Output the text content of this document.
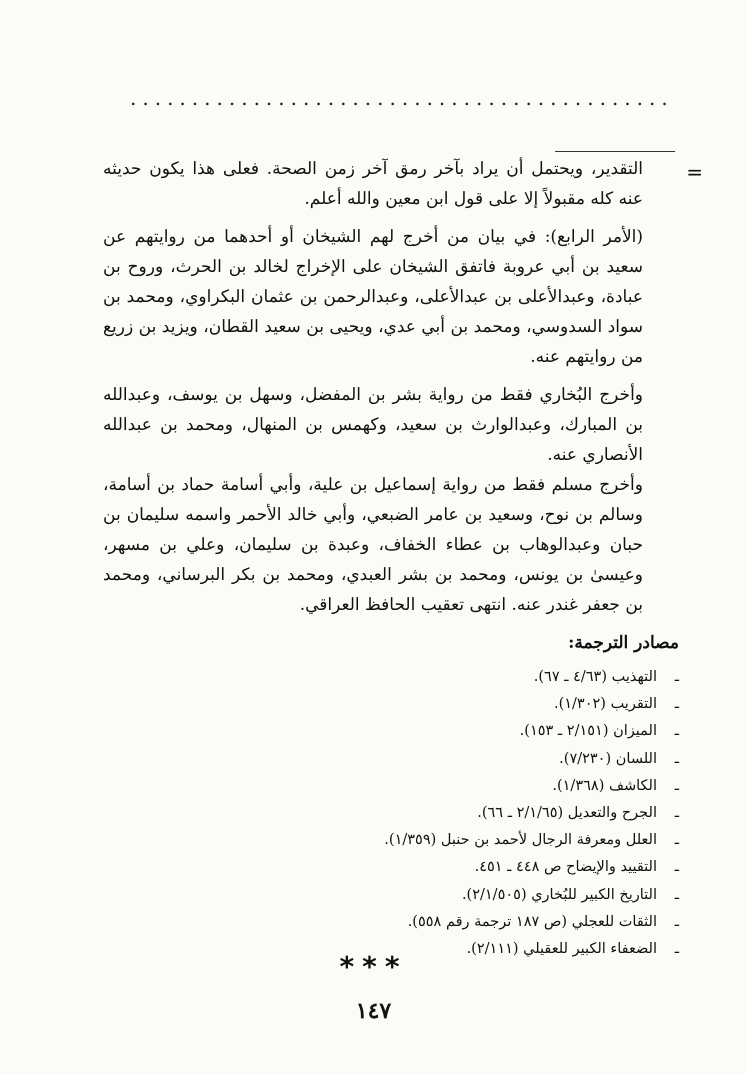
............................................
=

التقدير، ويحتمل أن يراد بآخر رمق آخر زمن الصحة. فعلى هذا يكون حديثه عنه كله مقبولاً إلا على قول ابن معين والله أعلم.

(الأمر الرابع): في بيان من أخرج لهم الشيخان أو أحدهما من روايتهم عن سعيد بن أبي عروبة فاتفق الشيخان على الإخراج لخالد بن الحرث، وروح بن عبادة، وعبدالأعلى بن عبدالأعلى، وعبدالرحمن بن عثمان البكراوي، ومحمد بن سواد السدوسي، ومحمد بن أبي عدي، ويحيى بن سعيد القطان، ويزيد بن زريع من روايتهم عنه.

وأخرج البُخاري فقط من رواية بشر بن المفضل، وسهل بن يوسف، وعبدالله بن المبارك، وعبدالوارث بن سعيد، وكهمس بن المنهال، ومحمد بن عبدالله الأنصاري عنه.

وأخرج مسلم فقط من رواية إسماعيل بن علية، وأبي أسامة حماد بن أسامة، وسالم بن نوح، وسعيد بن عامر الضبعي، وأبي خالد الأحمر واسمه سليمان بن حبان وعبدالوهاب بن عطاء الخفاف، وعبدة بن سليمان، وعلي بن مسهر، وعيسىٰ بن يونس، ومحمد بن بشر العبدي، ومحمد بن بكر البرساني، ومحمد بن جعفر غندر عنه. انتهى تعقيب الحافظ العراقي.

مصادر الترجمة:
ـالتهذيب (٤/٦٣ ـ ٦٧).
ـالتقريب (١/٣٠٢).
ـالميزان (٢/١٥١ ـ ١٥٣).
ـاللسان (٧/٢٣٠).
ـالكاشف (١/٣٦٨).
ـالجرح والتعديل (٢/١/٦٥ ـ ٦٦).
ـالعلل ومعرفة الرجال لأحمد بن حنبل (١/٣٥٩).
ـالتقييد والإيضاح ص ٤٤٨ ـ ٤٥١.
ـالتاريخ الكبير للبُخاري (٢/١/٥٠٥).
ـالثقات للعجلي (ص ١٨٧ ترجمة رقم ٥٥٨).
ـالضعفاء الكبير للعقيلي (٢/١١١).
***
١٤٧
